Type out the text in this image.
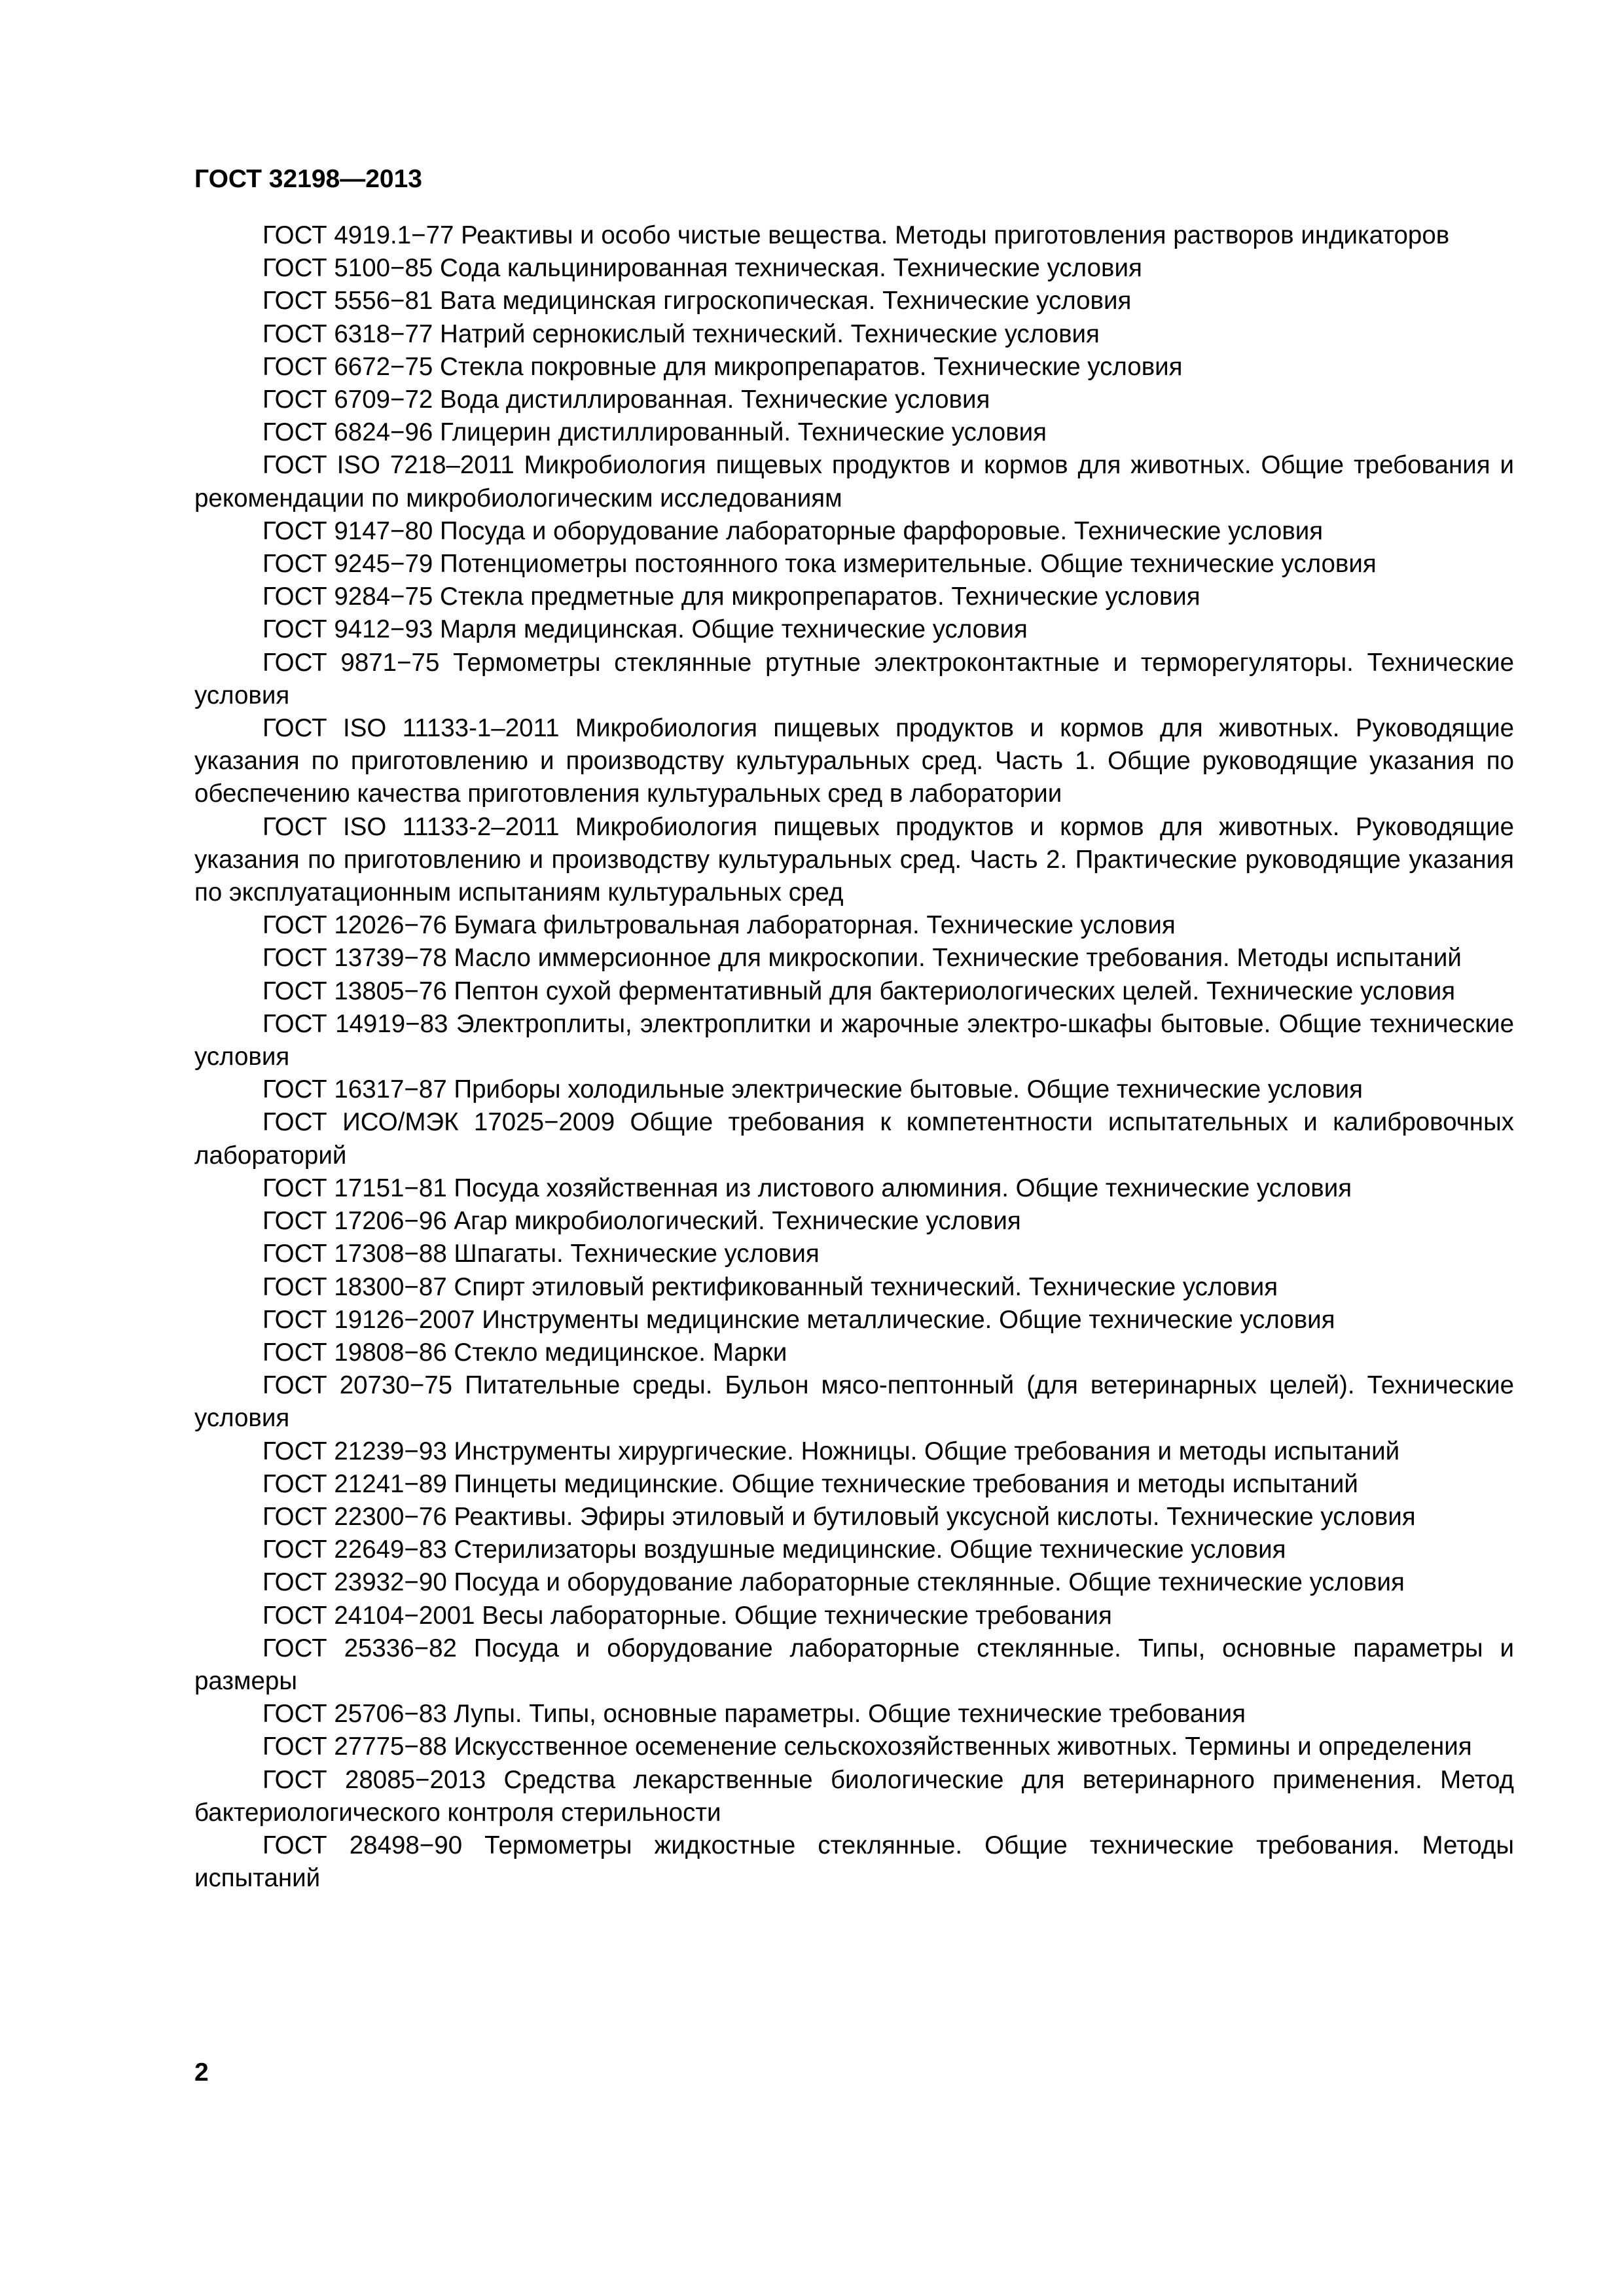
ГОСТ 32198—2013

ГОСТ 4919.1−77 Реактивы и особо чистые вещества. Методы приготовления растворов индикаторов

ГОСТ 5100−85 Сода кальцинированная техническая. Технические условия

ГОСТ 5556−81 Вата медицинская гигроскопическая. Технические условия

ГОСТ 6318−77 Натрий сернокислый технический. Технические условия

ГОСТ 6672−75 Стекла покровные для микропрепаратов. Технические условия

ГОСТ 6709−72 Вода дистиллированная. Технические условия

ГОСТ 6824−96 Глицерин дистиллированный. Технические условия

ГОСТ ISO 7218–2011 Микробиология пищевых продуктов и кормов для животных. Общие требования и рекомендации по микробиологическим исследованиям

ГОСТ 9147−80 Посуда и оборудование лабораторные фарфоровые. Технические условия

ГОСТ 9245−79 Потенциометры постоянного тока измерительные. Общие технические условия

ГОСТ 9284−75 Стекла предметные для микропрепаратов. Технические условия

ГОСТ 9412−93 Марля медицинская. Общие технические условия

ГОСТ 9871−75 Термометры стеклянные ртутные электроконтактные и терморегуляторы. Технические условия

ГОСТ ISO 11133-1–2011 Микробиология пищевых продуктов и кормов для животных. Руководящие указания по приготовлению и производству культуральных сред. Часть 1. Общие руководящие указания по обеспечению качества приготовления культуральных сред в лаборатории

ГОСТ ISO 11133-2–2011 Микробиология пищевых продуктов и кормов для животных. Руководящие указания по приготовлению и производству культуральных сред. Часть 2. Практические руководящие указания по эксплуатационным испытаниям культуральных сред

ГОСТ 12026−76 Бумага фильтровальная лабораторная. Технические условия

ГОСТ 13739−78 Масло иммерсионное для микроскопии. Технические требования. Методы испытаний

ГОСТ 13805−76 Пептон сухой ферментативный для бактериологических целей. Технические условия

ГОСТ 14919−83 Электроплиты, электроплитки и жарочные электро-шкафы бытовые. Общие технические условия

ГОСТ 16317−87 Приборы холодильные электрические бытовые. Общие технические условия

ГОСТ ИСО/МЭК 17025−2009 Общие требования к компетентности испытательных и калибровочных лабораторий

ГОСТ 17151−81 Посуда хозяйственная из листового алюминия. Общие технические условия

ГОСТ 17206−96 Агар микробиологический. Технические условия

ГОСТ 17308−88 Шпагаты. Технические условия

ГОСТ 18300−87 Спирт этиловый ректификованный технический. Технические условия

ГОСТ 19126−2007 Инструменты медицинские металлические. Общие технические условия

ГОСТ 19808−86 Стекло медицинское. Марки

ГОСТ 20730−75 Питательные среды. Бульон мясо-пептонный (для ветеринарных целей). Технические условия

ГОСТ 21239−93 Инструменты хирургические. Ножницы. Общие требования и методы испытаний

ГОСТ 21241−89 Пинцеты медицинские. Общие технические требования и методы испытаний

ГОСТ 22300−76 Реактивы. Эфиры этиловый и бутиловый уксусной кислоты. Технические условия

ГОСТ 22649−83 Стерилизаторы воздушные медицинские. Общие технические условия

ГОСТ 23932−90 Посуда и оборудование лабораторные стеклянные. Общие технические условия

ГОСТ 24104−2001 Весы лабораторные. Общие технические требования

ГОСТ 25336−82 Посуда и оборудование лабораторные стеклянные. Типы, основные параметры и размеры

ГОСТ 25706−83 Лупы. Типы, основные параметры. Общие технические требования

ГОСТ 27775−88 Искусственное осеменение сельскохозяйственных животных. Термины и определения

ГОСТ 28085−2013 Средства лекарственные биологические для ветеринарного применения. Метод бактериологического контроля стерильности

ГОСТ 28498−90 Термометры жидкостные стеклянные. Общие технические требования. Методы испытаний

2
